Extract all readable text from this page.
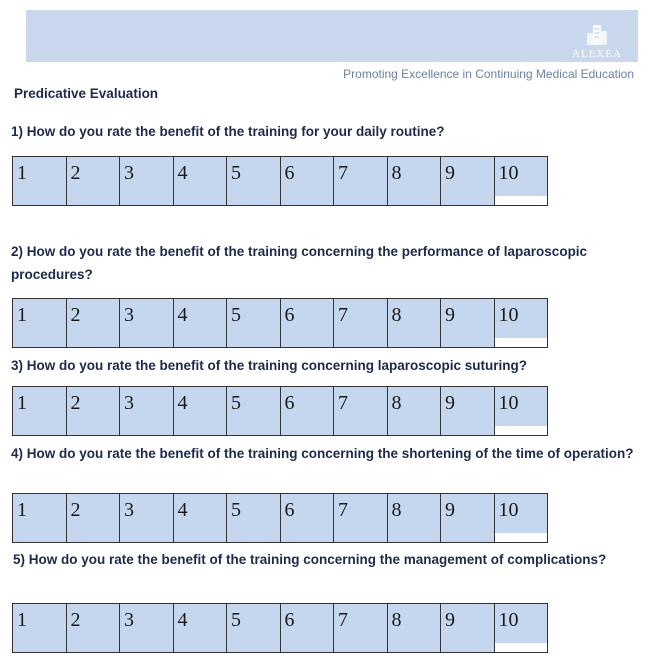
ALEXEA
Promoting Excellence in Continuing Medical Education
Predicative Evaluation
1) How do you rate the benefit of the training for your daily routine?
1	2	3	4	5	6	7	8	9	10
2) How do you rate the benefit of the training concerning the performance of laparoscopic procedures?
1	2	3	4	5	6	7	8	9	10
3) How do you rate the benefit of the training concerning laparoscopic suturing?
1	2	3	4	5	6	7	8	9	10
4) How do you rate the benefit of the training concerning the shortening of the time of operation?
1	2	3	4	5	6	7	8	9	10
5) How do you rate the benefit of the training concerning the management of complications?
1	2	3	4	5	6	7	8	9	10
